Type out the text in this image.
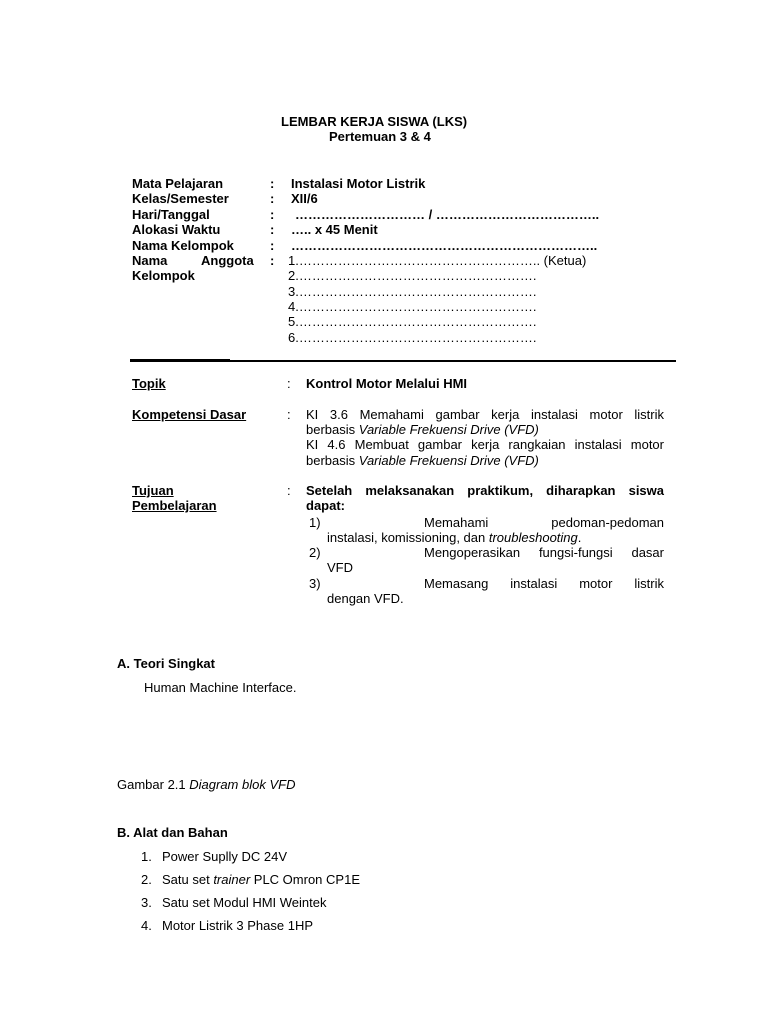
LEMBAR KERJA SISWA (LKS)
Pertemuan 3 & 4
Mata Pelajaran	: Instalasi Motor Listrik
Kelas/Semester	: XII/6
Hari/Tanggal	: ………………………… / ………………………………..
Alokasi Waktu	: ….. x 45 Menit
Nama Kelompok	: ……………………………………………………………..
Nama	Anggota :
Kelompok
1.……………………………………………….. (Ketua)
2.……………………………………………….
3.……………………………………………….
4.……………………………………………….
5.……………………………………………….
6.……………………………………………….
Topik	: Kontrol Motor Melalui HMI
Kompetensi Dasar	: KI 3.6 Memahami gambar kerja instalasi motor listrik
berbasis Variable Frekuensi Drive (VFD)
KI 4.6 Membuat gambar kerja rangkaian instalasi motor
berbasis Variable Frekuensi Drive (VFD)
Tujuan
Pembelajaran
: Setelah melaksanakan praktikum, diharapkan siswa
dapat:
1)	Memahami pedoman-pedoman
instalasi, komissioning, dan troubleshooting.
2)	Mengoperasikan fungsi-fungsi dasar
VFD
3)	Memasang instalasi motor listrik
dengan VFD.
A. Teori Singkat
Human Machine Interface.
Gambar 2.1 Diagram blok VFD
B. Alat dan Bahan
1. Power Suplly DC 24V
2. Satu set trainer PLC Omron CP1E
3. Satu set Modul HMI Weintek
4. Motor Listrik 3 Phase 1HP
